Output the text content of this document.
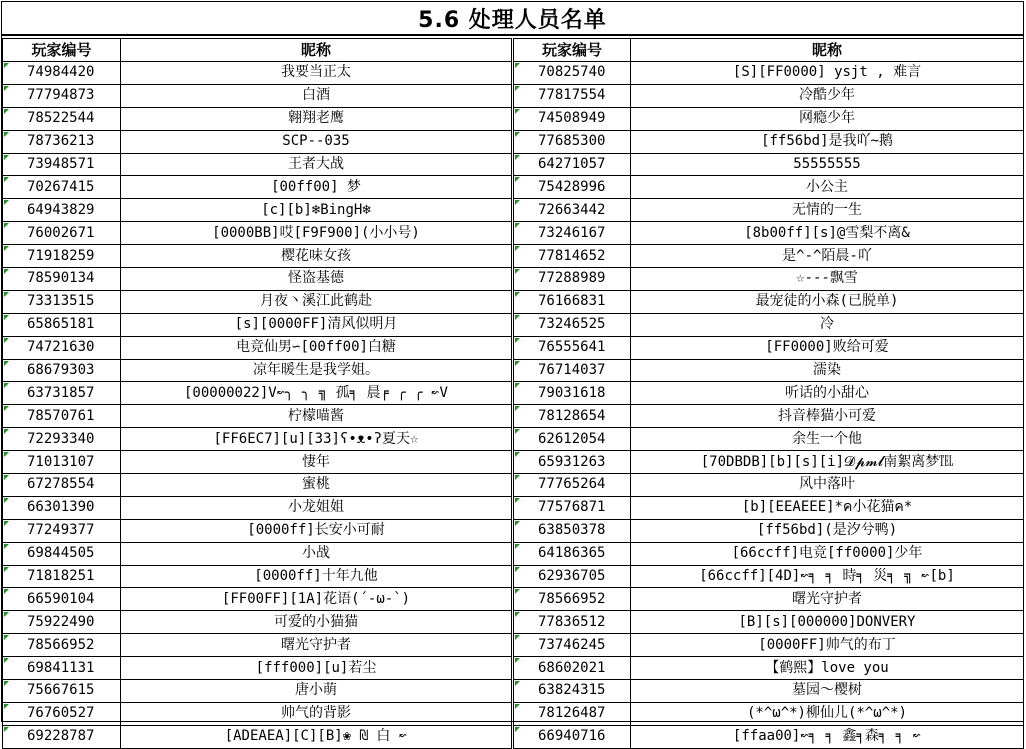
5.6 处理人员名单
玩家编号	昵称	玩家编号	昵称
74984420	我要当正太	70825740	[S][FF0000] ysjt , 难言
77794873	白酒	77817554	冷酷少年
78522544	翱翔老鹰	74508949	网瘾少年
78736213	SCP--035	77685300	[ff56bd]是我吖~鹅
73948571	王者大战	64271057	55555555
70267415	[00ff00] 梦	75428996	小公主
64943829	[c][b]❄BingH❄	72663442	无情的一生
76002671	[0000BB]哎[F9F900](小小号)	73246167	[8b00ff][s]@雪梨不离&
71918259	樱花味女孩	77814652	是^-^陌晨-吖
78590134	怪盗基德	77288989	☆---飘雪
73313515	月夜丶溪江此鹤赴	76166831	最宠徒的小森(已脱单)
65865181	[s][0000FF]清风似明月	73246525	冷
74721630	电竞仙男∽[00ff00]白糖	76555641	[FF0000]败给可爱
68679303	凉年暖生是我学姐。	76714037	濡染
63731857	[00000022]V↜╮ ╮ ╗ 孤╕ 晨╒ ╭ ╭ ↜V	79031618	听话的小甜心
78570761	柠檬喵酱	78128654	抖音棒猫小可爱
72293340	[FF6EC7][u][33]ʕ•ᴥ•ʔ夏天☆	62612054	余生一个他
71013107	悽年	65931263	[70DBDB][b][s][i]𝓓𝓹𝓶𝓵南絮离梦℡
67278554	蜜桃	77765264	风中落叶
66301390	小龙姐姐	77576871	[b][EEAEEE]*ค小花猫ค*
77249377	[0000ff]长安小可耐	63850378	[ff56bd](是汐兮鸭)
69844505	小战	64186365	[66ccff]电竞[ff0000]少年
71818251	[0000ff]十年九他	62936705	[66ccff][4D]↜╕ ╕ 時╕ 災╕ ╗ ↜[b]
66590104	[FF00FF][1A]花语(´-ω-`)	78566952	曙光守护者
75922490	可爱的小猫猫	77836512	[B][s][000000]DONVERY
78566952	曙光守护者	73746245	[0000FF]帅气的布丁
69841131	[fff000][u]若尘	68602021	【鹤熙】love you
75667615	唐小萌	63824315	墓园～樱树
76760527	帅气的背影	78126487	(*^ω^*)柳仙儿(*^ω^*)
69228787	[ADEAEA][C][B]❀ ₪ 白 ↜	66940716	[ffaa00]↜╕ ╕ 鑫╕森╕ ╕ ↜
